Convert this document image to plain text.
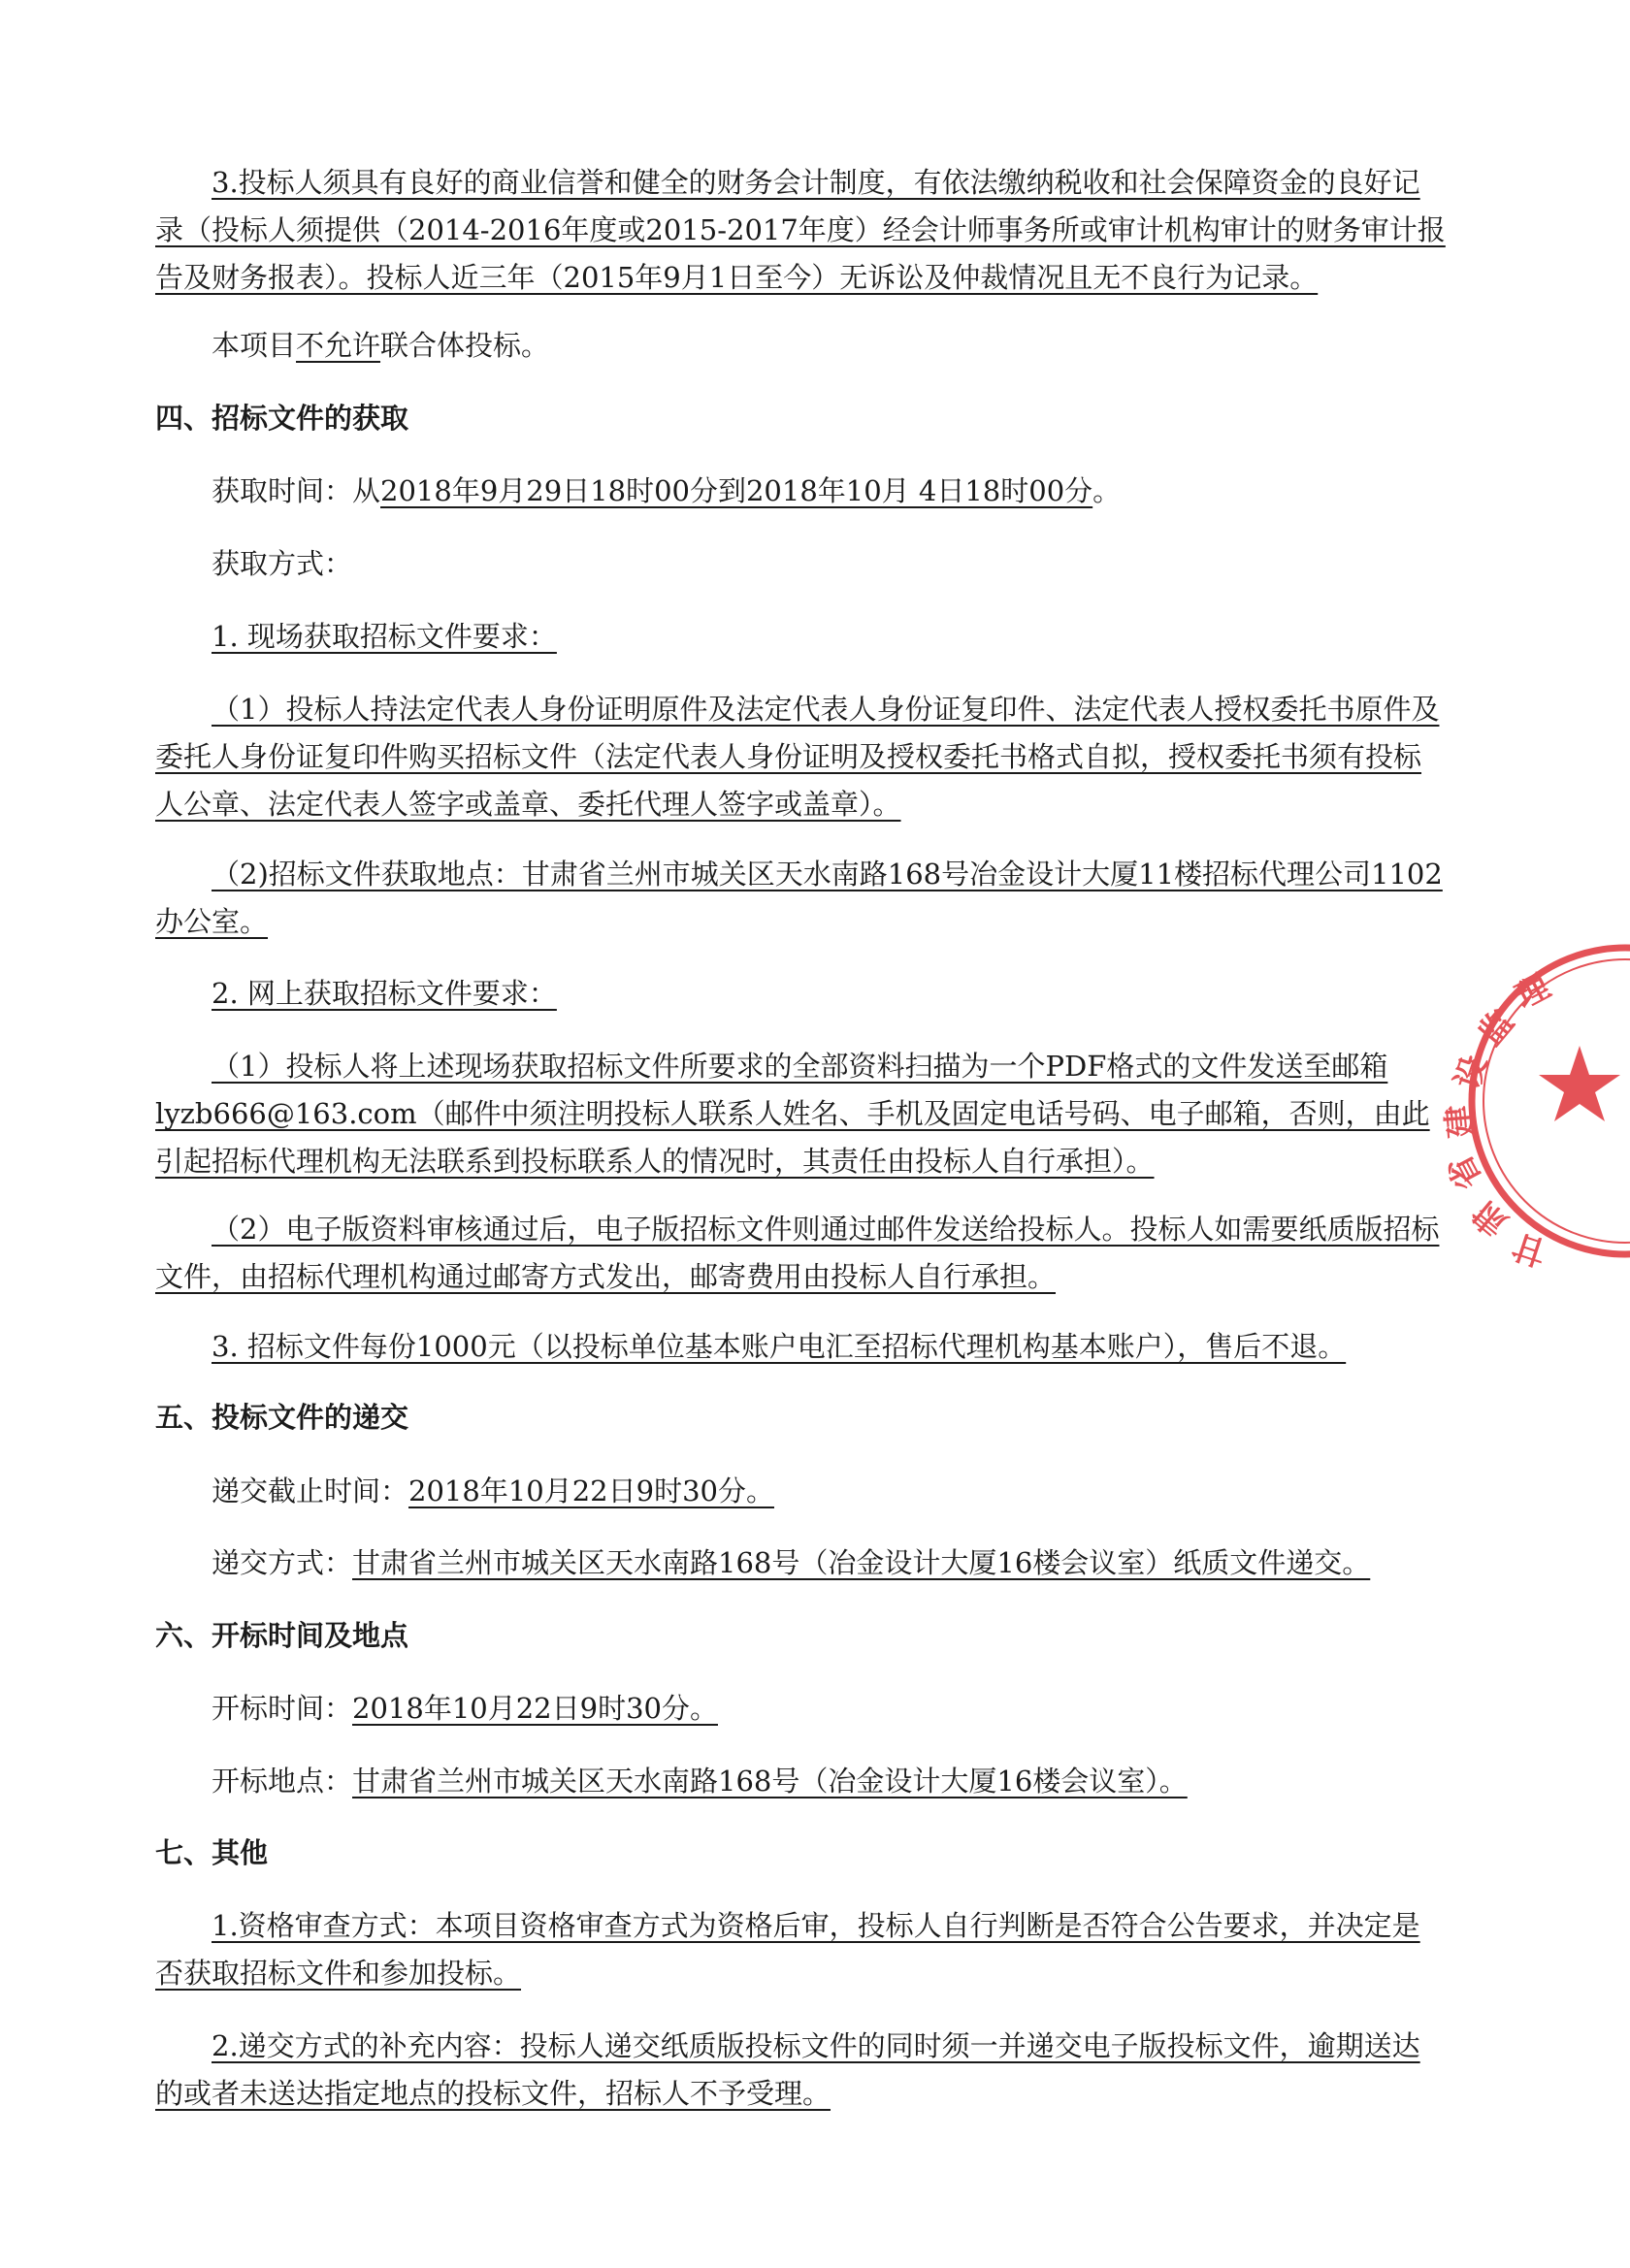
3.投标人须具有良好的商业信誉和健全的财务会计制度，有依法缴纳税收和社会保障资金的良好记录（投标人须提供（2014-2016年度或2015-2017年度）经会计师事务所或审计机构审计的财务审计报告及财务报表）。投标人近三年（2015年9月1日至今）无诉讼及仲裁情况且无不良行为记录。

本项目不允许联合体投标。

四、招标文件的获取

获取时间：从2018年9月29日18时00分到2018年10月 4日18时00分。

获取方式：

1. 现场获取招标文件要求：

（1）投标人持法定代表人身份证明原件及法定代表人身份证复印件、法定代表人授权委托书原件及委托人身份证复印件购买招标文件（法定代表人身份证明及授权委托书格式自拟，授权委托书须有投标人公章、法定代表人签字或盖章、委托代理人签字或盖章）。

（2)招标文件获取地点：甘肃省兰州市城关区天水南路168号冶金设计大厦11楼招标代理公司1102办公室。

2. 网上获取招标文件要求：

（1）投标人将上述现场获取招标文件所要求的全部资料扫描为一个PDF格式的文件发送至邮箱lyzb666@163.com（邮件中须注明投标人联系人姓名、手机及固定电话号码、电子邮箱，否则，由此引起招标代理机构无法联系到投标联系人的情况时，其责任由投标人自行承担）。

（2）电子版资料审核通过后，电子版招标文件则通过邮件发送给投标人。投标人如需要纸质版招标文件，由招标代理机构通过邮寄方式发出，邮寄费用由投标人自行承担。

3. 招标文件每份1000元（以投标单位基本账户电汇至招标代理机构基本账户），售后不退。

五、投标文件的递交

递交截止时间：2018年10月22日9时30分。

递交方式：甘肃省兰州市城关区天水南路168号（冶金设计大厦16楼会议室）纸质文件递交。

六、开标时间及地点

开标时间：2018年10月22日9时30分。

开标地点：甘肃省兰州市城关区天水南路168号（冶金设计大厦16楼会议室）。

七、其他

1.资格审查方式：本项目资格审查方式为资格后审，投标人自行判断是否符合公告要求，并决定是否获取招标文件和参加投标。

2.递交方式的补充内容：投标人递交纸质版投标文件的同时须一并递交电子版投标文件，逾期送达的或者未送达指定地点的投标文件，招标人不予受理。

理
监
设
建
省
肃
甘
